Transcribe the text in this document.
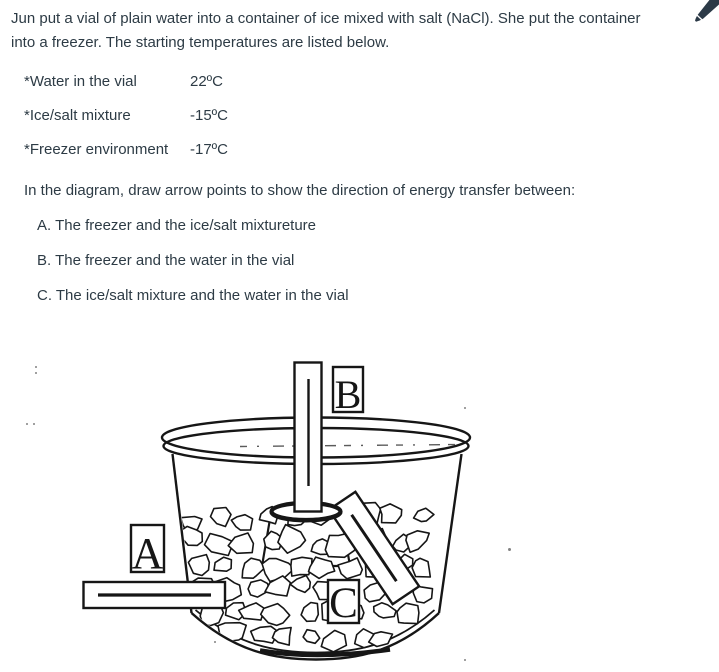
Jun put a vial of plain water into a container of ice mixed with salt (NaCl). She put the container
into a freezer. The starting temperatures are listed below.
*Water in the vial	22ºC
*Ice/salt mixture	-15ºC
*Freezer environment	-17ºC
In the diagram, draw arrow points to show the direction of energy transfer between:
A. The freezer and the ice/salt mixtureture
B. The freezer and the water in the vial
C. The ice/salt mixture and the water in the vial
A
B
C
